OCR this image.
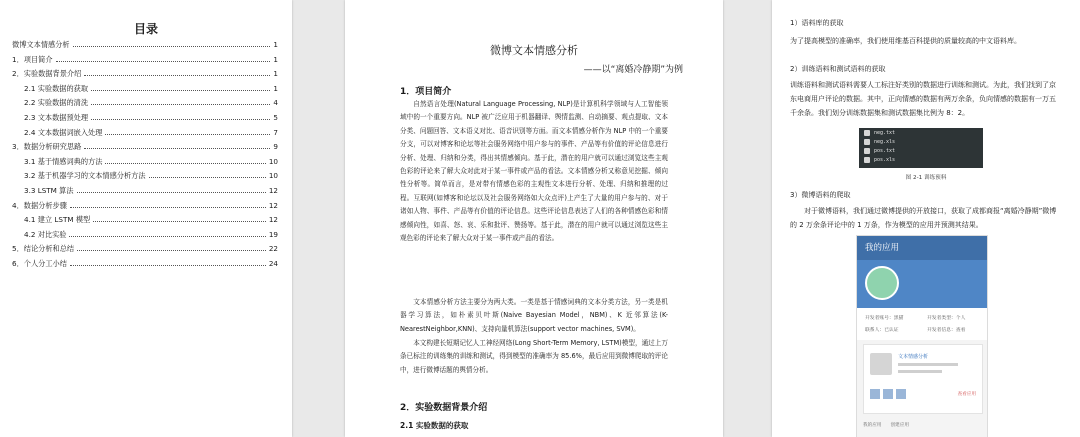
目录
微博文本情感分析	1
1．项目简介	1
2．实验数据背景介绍	1
2.1 实验数据的获取	1
2.2 实验数据的清洗	4
2.3 文本数据预处理	5
2.4 文本数据词嵌入处理	7
3．数据分析研究思路	9
3.1 基于情感词典的方法	10
3.2 基于机器学习的文本情感分析方法	10
3.3 LSTM 算法	12
4．数据分析步骤	12
4.1 建立 LSTM 模型	12
4.2 对比实验	19
5．结论分析和总结	22
6．个人分工小结	24
微博文本情感分析
——以“离婚冷静期”为例
1．项目简介

自然语言处理(Natural Language Processing, NLP)是计算机科学领域与人工智能领域中的一个重要方向。NLP 被广泛应用于机器翻译、舆情监测、自动摘要、观点提取、文本分类、问题回答、文本语义对比、语音识别等方面。而文本情感分析作为 NLP 中的一个重要分支，可以对博客和论坛等社会服务网络中用户参与的事件、产品等有价值的评论信息进行分析、处理、归纳和分类，得出其情感倾向。基于此，潜在的用户就可以通过浏览这些主观色彩的评论来了解大众对此对于某一事件或产品的看法。文本情感分析又称意见挖掘、倾向性分析等。简单而言，是对带有情感色彩的主观性文本进行分析、处理、归纳和推理的过程。互联网(如博客和论坛以及社会服务网络如大众点评)上产生了大量的用户参与的、对于诸如人物、事件、产品等有价值的评论信息。这些评论信息表达了人们的各种情感色彩和情感倾向性，如喜、怒、哀、乐和批评、赞扬等。基于此，潜在的用户就可以通过浏览这些主观色彩的评论来了解大众对于某一事件或产品的看法。

文本情感分析方法主要分为两大类。一类是基于情感词典的文本分类方法，另一类是机器学习算法，如朴素贝叶斯(Naive Bayesian Model，NBM)、K 近邻算法(K-NearestNeighbor,KNN)、支持向量机算法(support vector machines, SVM)。

本文构建长短期记忆人工神经网络(Long Short-Term Memory, LSTM)模型，通过上万条已标注的训练集的训练和测试，得到模型的准确率为 85.6%，最后应用到微博爬取的评论中，进行微博话题的舆情分析。

2．实验数据背景介绍
2.1 实验数据的获取
1）语料库的获取

为了提高模型的准确率，我们使用维基百科提供的质量较高的中文语料库。

2）训练语料和测试语料的获取

训练语料和测试语料需要人工标注好类别的数据进行训练和测试。为此，我们找到了京东电商用户评论的数据。其中，正向情感的数据有两万余条，负向情感的数据有一万五千余条。我们划分训练数据集和测试数据集比例为 8：2。

neg.txt
neg.xls
pos.txt
pos.xls
图 2-1 训练预料
3）微博语料的爬取

对于微博语料，我们通过微博提供的开放接口，获取了成都商报“离婚冷静期”微博的 2 万余条评论中的 1 万条，作为模型的应用并预测其结果。

我的应用
开发者账号：黑猫	开发者类型：个人
联系人：已认证	开发者信息：查看
文本情感分析
查看应用
我的应用　　创建应用
